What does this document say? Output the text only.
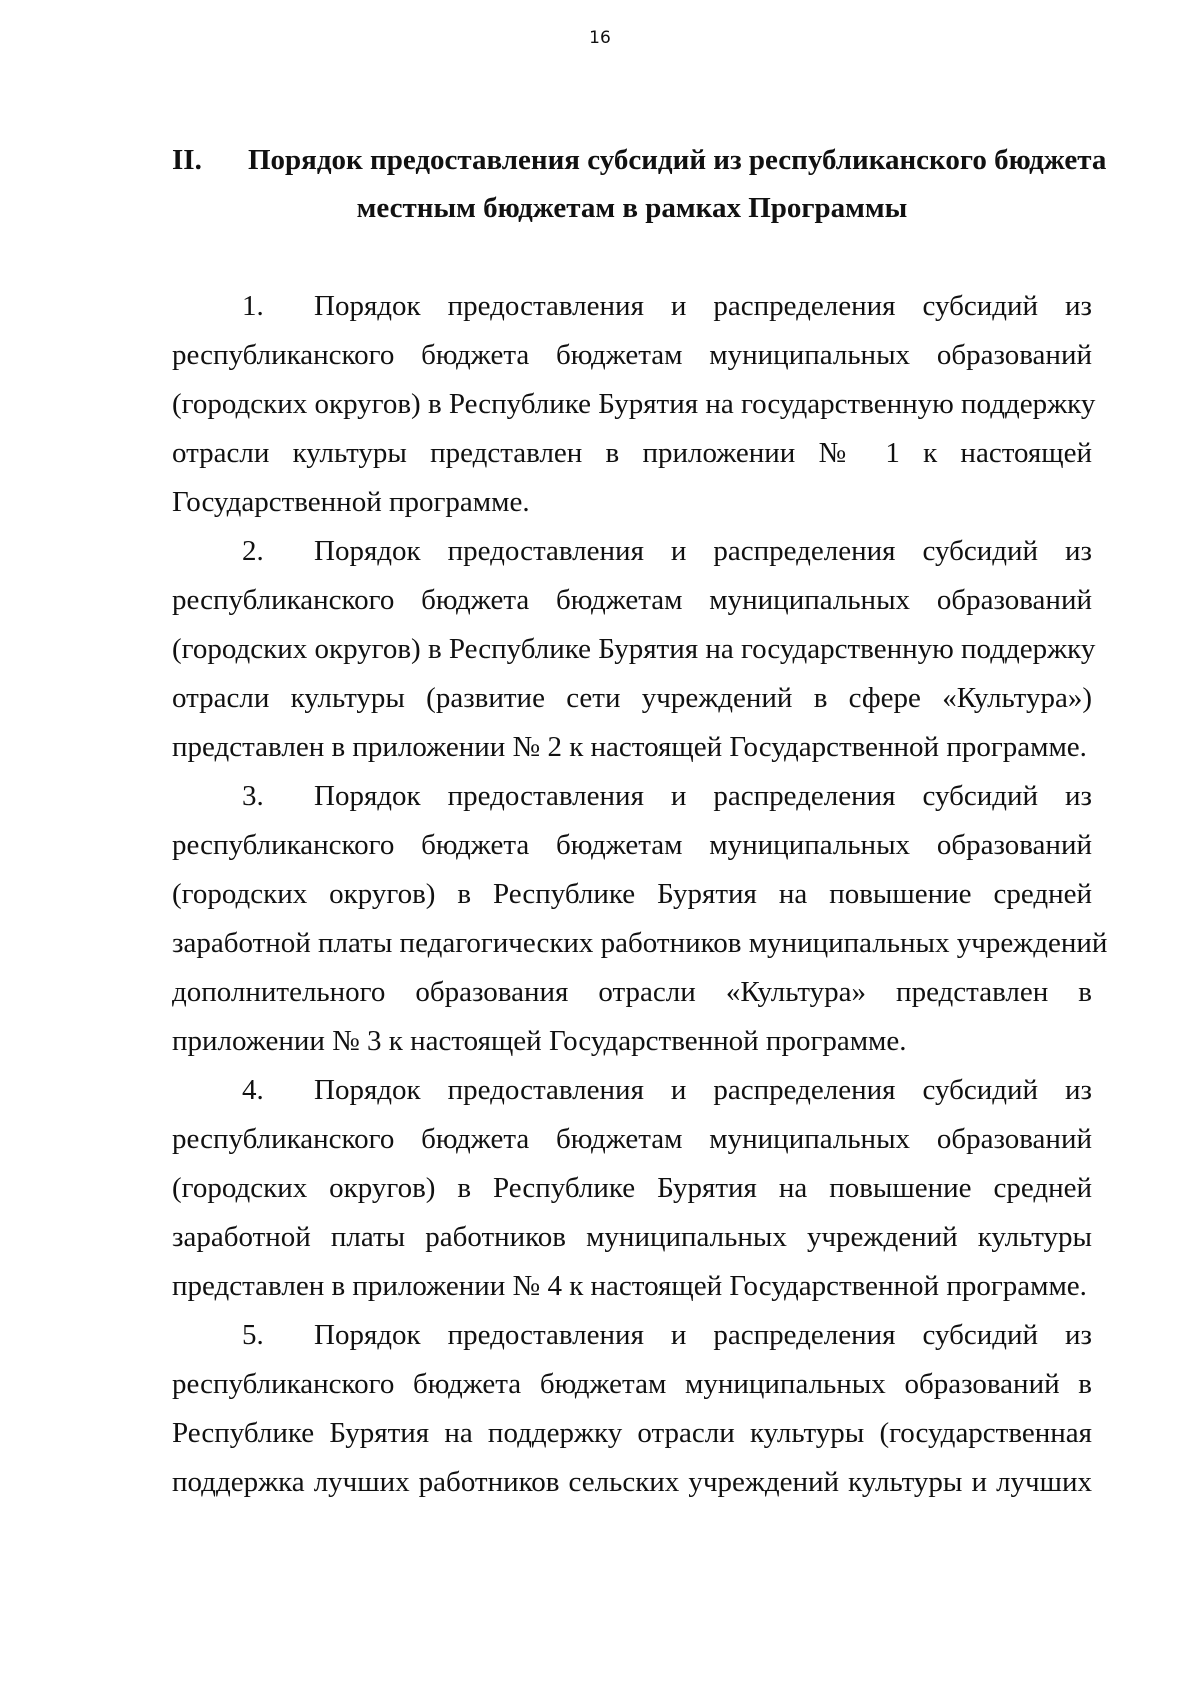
16
II.	Порядок предоставления субсидий из республиканского бюджета
местным бюджетам в рамках Программы
1.	Порядок предоставления и распределения субсидий из
республиканского бюджета бюджетам муниципальных образований
(городских округов) в Республике Бурятия на государственную поддержку
отрасли культуры представлен в приложении № 1 к настоящей
Государственной программе.
2.	Порядок предоставления и распределения субсидий из
республиканского бюджета бюджетам муниципальных образований
(городских округов) в Республике Бурятия на государственную поддержку
отрасли культуры (развитие сети учреждений в сфере «Культура»)
представлен в приложении № 2 к настоящей Государственной программе.
3.	Порядок предоставления и распределения субсидий из
республиканского бюджета бюджетам муниципальных образований
(городских округов) в Республике Бурятия на повышение средней
заработной платы педагогических работников муниципальных учреждений
дополнительного образования отрасли «Культура» представлен в
приложении № 3 к настоящей Государственной программе.
4.	Порядок предоставления и распределения субсидий из
республиканского бюджета бюджетам муниципальных образований
(городских округов) в Республике Бурятия на повышение средней
заработной платы работников муниципальных учреждений культуры
представлен в приложении № 4 к настоящей Государственной программе.
5.	Порядок предоставления и распределения субсидий из
республиканского бюджета бюджетам муниципальных образований в
Республике Бурятия на поддержку отрасли культуры (государственная
поддержка лучших работников сельских учреждений культуры и лучших
